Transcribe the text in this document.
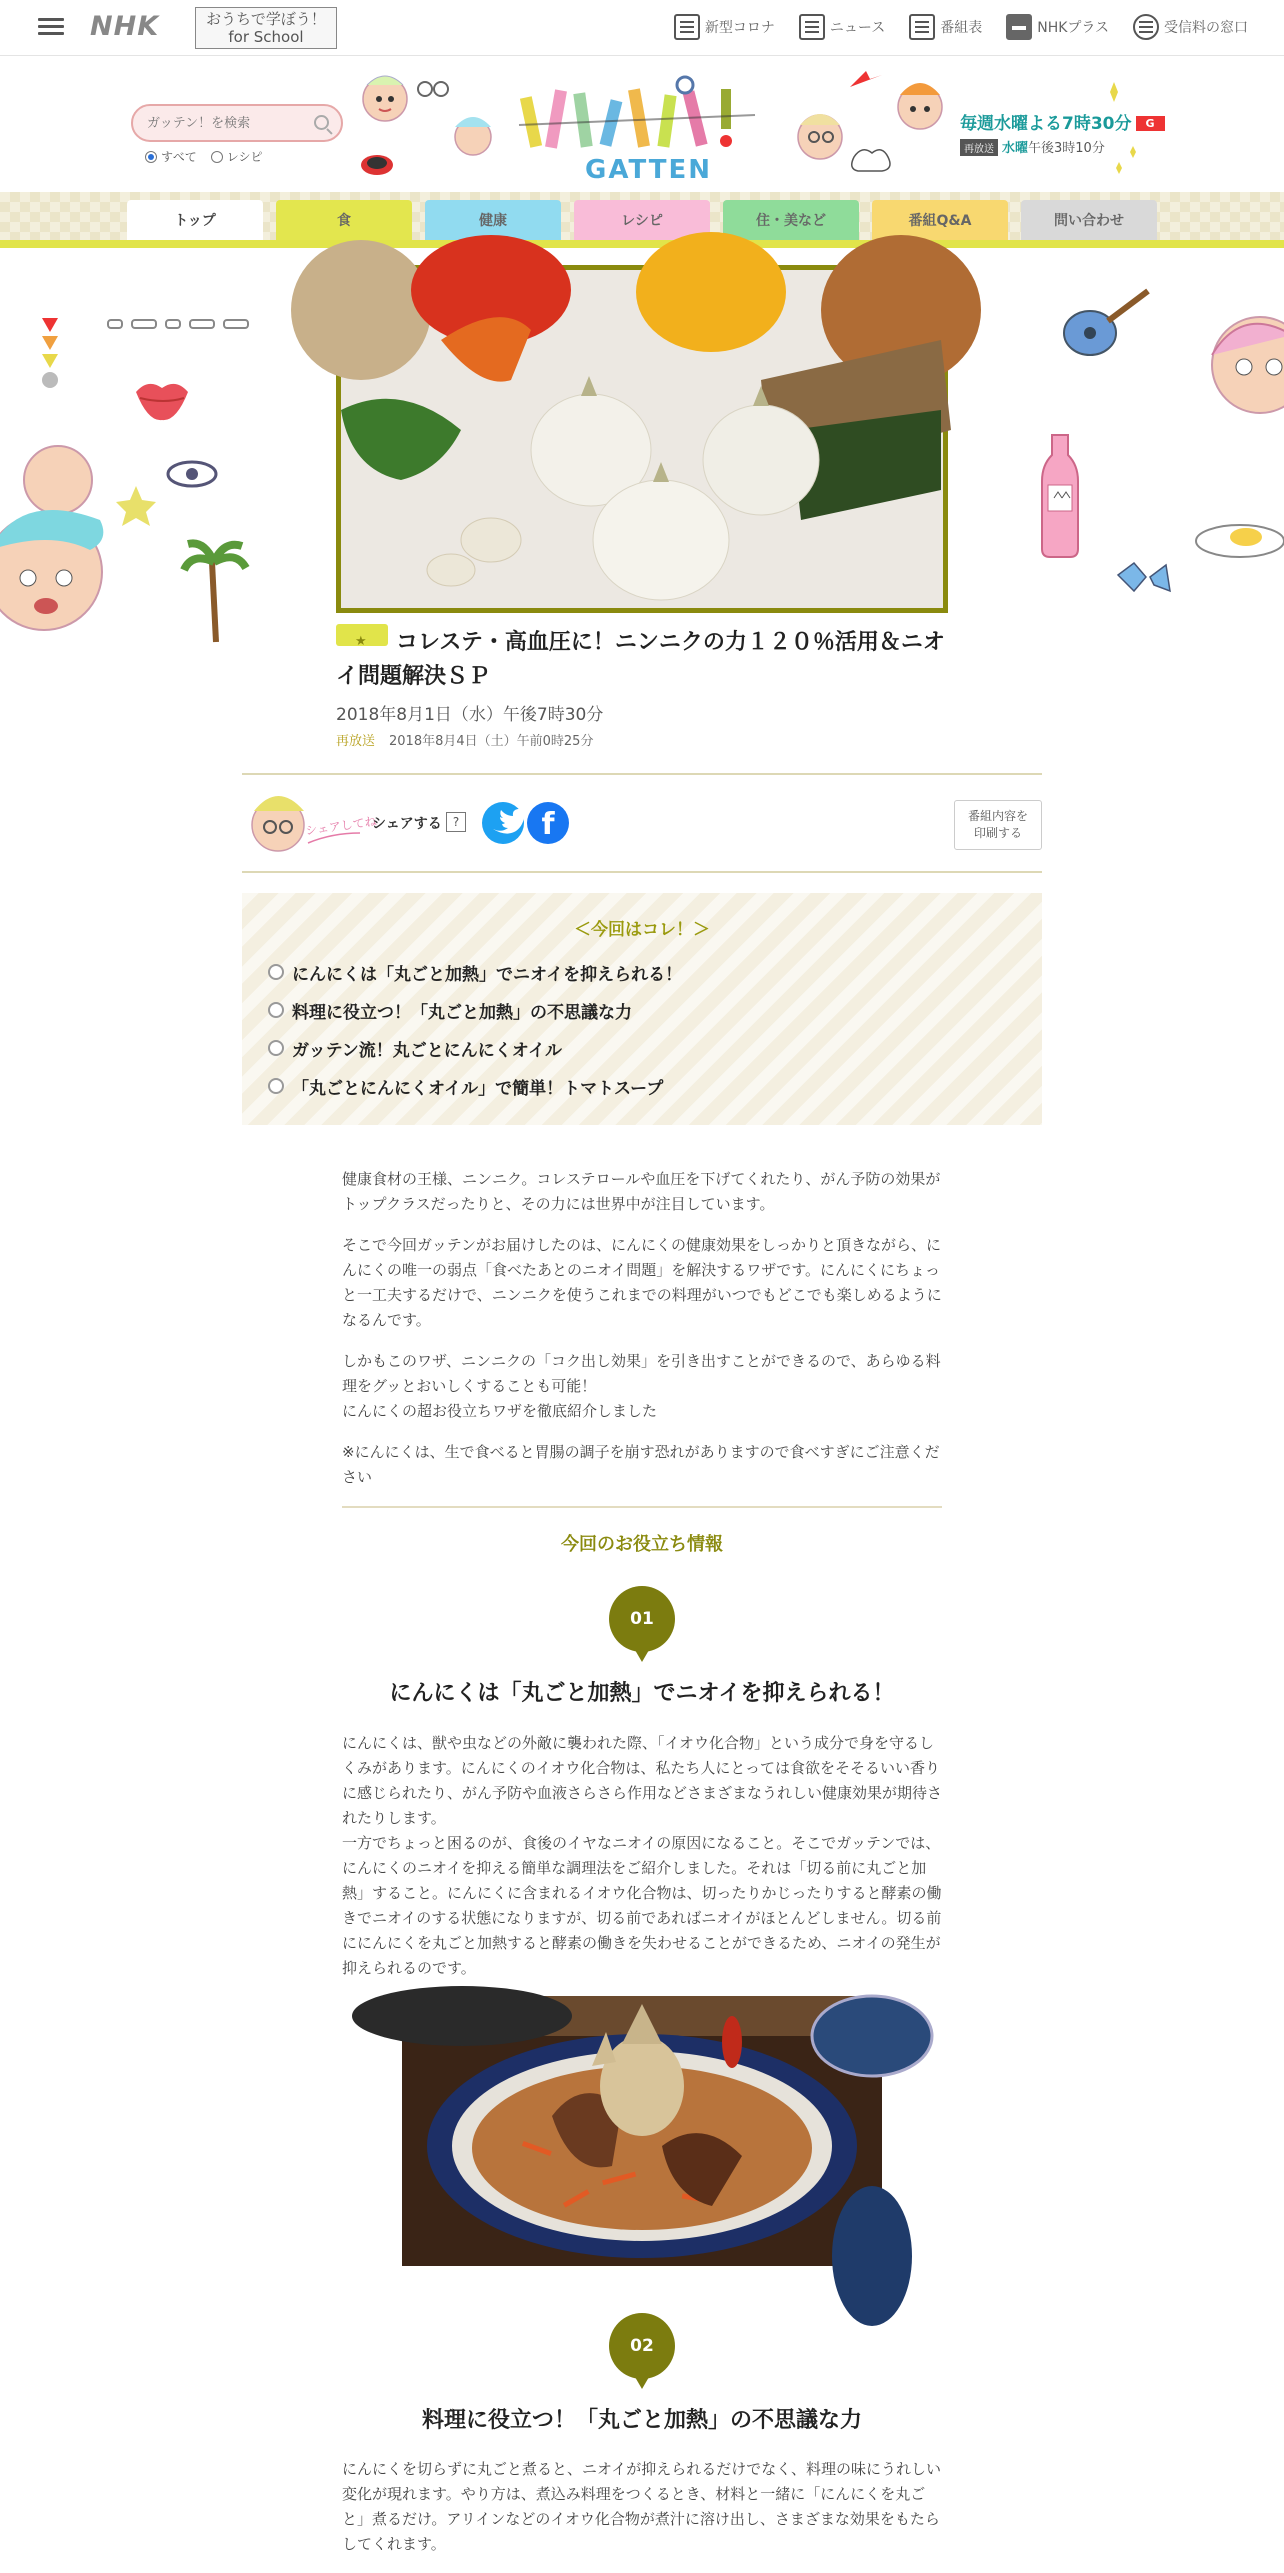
NHK	おうちで学ぼう！
for School	新型コロナ	ニュース	番組表	NHKプラス	受信料の窓口
ガッテン！を検索
すべて	レシピ	GATTEN
毎週水曜よる7時30分 G
再放送 水曜午後3時10分
トップ	食	健康	レシピ	住・美など	番組Q&A	問い合わせ
★コレステ・高血圧に！ニンニクの力１２０％活用＆ニオイ問題解決ＳＰ
2018年8月1日（水）午後7時30分
再放送 2018年8月4日（土）午前0時25分
シェアしてね
シェアする ?	f	番組内容を
印刷する
＜今回はコレ！＞
にんにくは「丸ごと加熱」でニオイを抑えられる！
料理に役立つ！「丸ごと加熱」の不思議な力
ガッテン流！丸ごとにんにくオイル
「丸ごとにんにくオイル」で簡単！トマトスープ

健康食材の王様、ニンニク。コレステロールや血圧を下げてくれたり、がん予防の効果がトップクラスだったりと、その力には世界中が注目しています。

そこで今回ガッテンがお届けしたのは、にんにくの健康効果をしっかりと頂きながら、にんにくの唯一の弱点「食べたあとのニオイ問題」を解決するワザです。にんにくにちょっと一工夫するだけで、ニンニクを使うこれまでの料理がいつでもどこでも楽しめるようになるんです。

しかもこのワザ、ニンニクの「コク出し効果」を引き出すことができるので、あらゆる料理をグッとおいしくすることも可能！

にんにくの超お役立ちワザを徹底紹介しました

※にんにくは、生で食べると胃腸の調子を崩す恐れがありますので食べすぎにご注意ください

今回のお役立ち情報
01
にんにくは「丸ごと加熱」でニオイを抑えられる！

にんにくは、獣や虫などの外敵に襲われた際、「イオウ化合物」という成分で身を守るしくみがあります。にんにくのイオウ化合物は、私たち人にとっては食欲をそそるいい香りに感じられたり、がん予防や血液さらさら作用などさまざまなうれしい健康効果が期待されたりします。

一方でちょっと困るのが、食後のイヤなニオイの原因になること。そこでガッテンでは、にんにくのニオイを抑える簡単な調理法をご紹介しました。それは「切る前に丸ごと加熱」すること。にんにくに含まれるイオウ化合物は、切ったりかじったりすると酵素の働きでニオイのする状態になりますが、切る前であればニオイがほとんどしません。切る前ににんにくを丸ごと加熱すると酵素の働きを失わせることができるため、ニオイの発生が抑えられるのです。

02
料理に役立つ！「丸ごと加熱」の不思議な力

にんにくを切らずに丸ごと煮ると、ニオイが抑えられるだけでなく、料理の味にうれしい変化が現れます。やり方は、煮込み料理をつくるとき、材料と一緒に「にんにくを丸ごと」煮るだけ。アリインなどのイオウ化合物が煮汁に溶け出し、さまざまな効果をもたらしてくれます。
